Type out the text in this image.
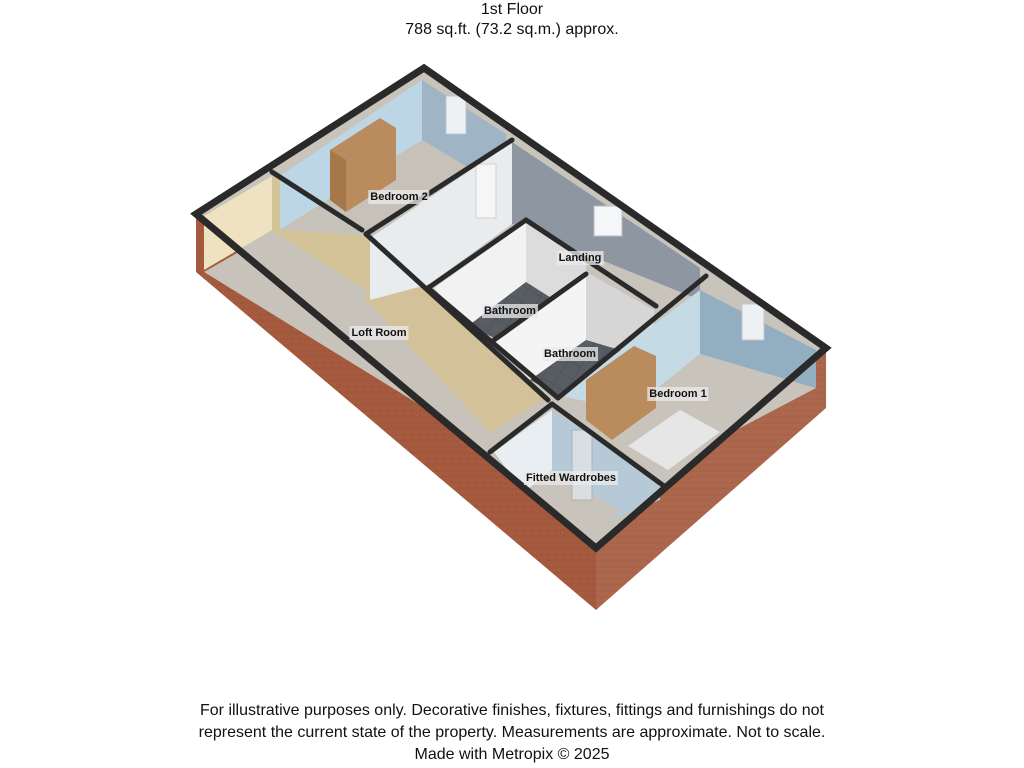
1st Floor
788 sq.ft. (73.2 sq.m.) approx.
Bedroom 2
Landing
Bathroom
Loft Room
Bathroom
Bedroom 1
Fitted Wardrobes
For illustrative purposes only. Decorative finishes, fixtures, fittings and furnishings do not
represent the current state of the property. Measurements are approximate. Not to scale.
Made with Metropix © 2025
